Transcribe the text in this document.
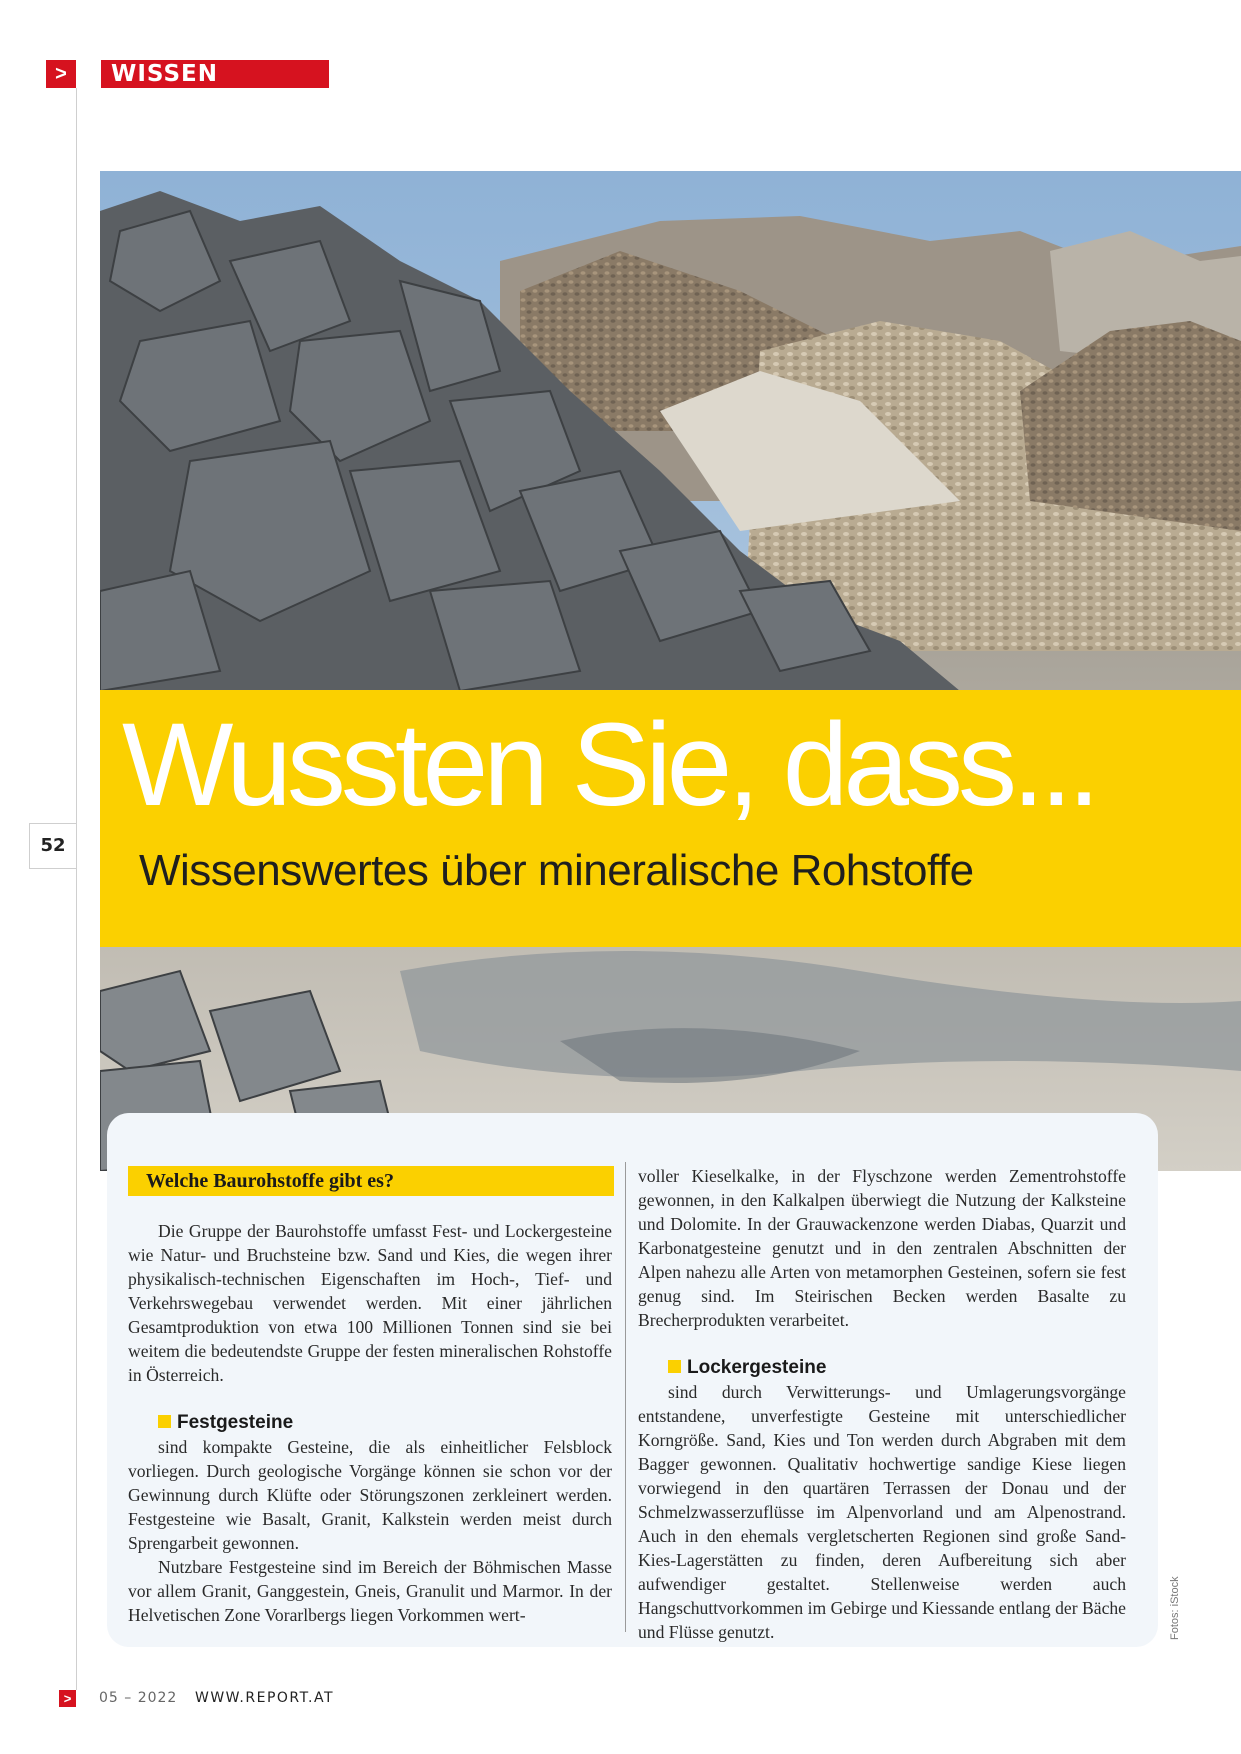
>	WISSEN
Wussten Sie, dass...
Wissenswertes über mineralische Rohstoffe
52
Welche Baurohstoffe gibt es?

Die Gruppe der Baurohstoffe umfasst Fest- und Lockergesteine wie Natur- und Bruchsteine bzw. Sand und Kies, die wegen ihrer physikalisch-technischen Eigenschaften im Hoch-, Tief- und Verkehrswegebau verwendet werden. Mit einer jährlichen Gesamtproduktion von etwa 100 Millionen Tonnen sind sie bei weitem die bedeutendste Gruppe der festen mineralischen Rohstoffe in Österreich.

Festgesteine

sind kompakte Gesteine, die als einheitlicher Felsblock vorliegen. Durch geologische Vorgänge können sie schon vor der Gewinnung durch Klüfte oder Störungszonen zerkleinert werden. Festgesteine wie Basalt, Granit, Kalkstein werden meist durch Sprengarbeit gewonnen.

Nutzbare Festgesteine sind im Bereich der Böhmischen Masse vor allem Granit, Ganggestein, Gneis, Granulit und Marmor. In der Helvetischen Zone Vorarlbergs liegen Vorkommen wert-

voller Kieselkalke, in der Flyschzone werden Zementrohstoffe gewonnen, in den Kalkalpen überwiegt die Nutzung der Kalksteine und Dolomite. In der Grauwackenzone werden Diabas, Quarzit und Karbonatgesteine genutzt und in den zentralen Abschnitten der Alpen nahezu alle Arten von metamorphen Gesteinen, sofern sie fest genug sind. Im Steirischen Becken werden Basalte zu Brecherprodukten verarbeitet.

Lockergesteine

sind durch Verwitterungs- und Umlagerungsvorgänge entstandene, unverfestigte Gesteine mit unterschiedlicher Korngröße. Sand, Kies und Ton werden durch Abgraben mit dem Bagger gewonnen. Qualitativ hochwertige sandige Kiese liegen vorwiegend in den quartären Terrassen der Donau und der Schmelzwasserzuflüsse im Alpenvorland und am Alpenostrand. Auch in den ehemals vergletscherten Regionen sind große Sand-Kies-Lagerstätten zu finden, deren Aufbereitung sich aber aufwendiger gestaltet. Stellenweise werden auch Hangschuttvorkommen im Gebirge und Kiessande entlang der Bäche und Flüsse genutzt.	Fotos: iStock
>	05 – 2022 WWW.REPORT.AT
